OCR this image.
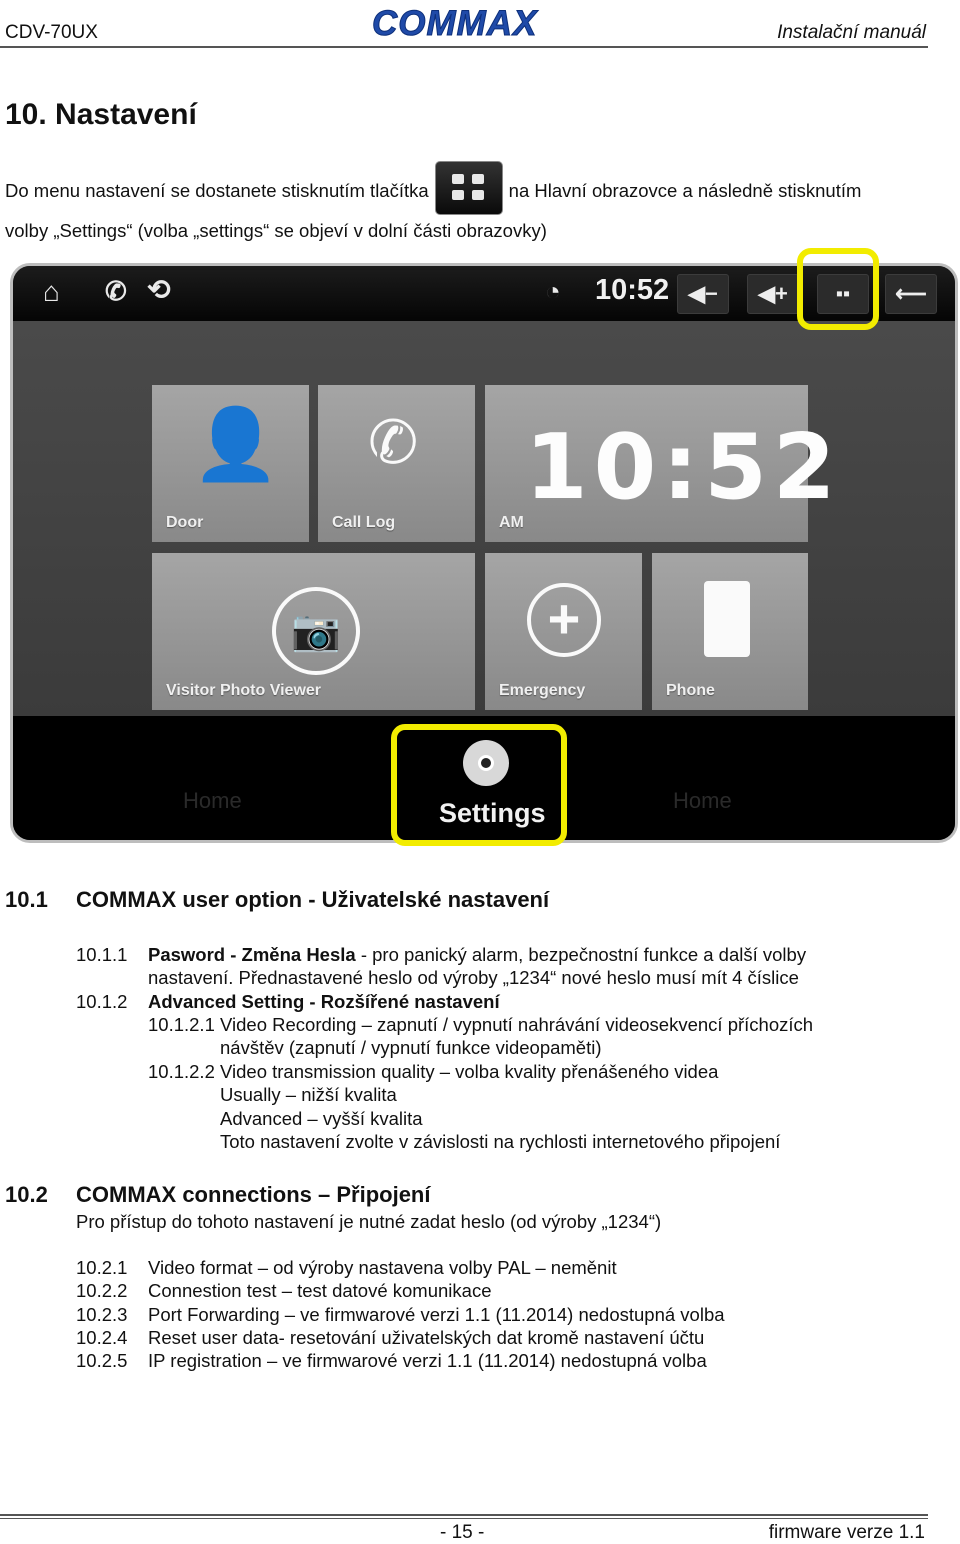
CDV-70UX	COMMAX	Instalační manuál
10. Nastavení
Do menu nastavení se dostanete stisknutím tlačítka	na Hlavní obrazovce a následně stisknutím volby „Settings“ (volba „settings“ se objeví v dolní části obrazovky)
⌂ ✆ ⟲	◔ 10:52 ◀−	◀+	▪▪	⟵
👤
Door
✆
Call Log
10:52
AM
📷
Visitor Photo Viewer
+
Emergency	Phone
Home	Home
Settings
10.1 COMMAX user option - Uživatelské nastavení
10.1.1 Pasword - Změna Hesla - pro panický alarm, bezpečnostní funkce a další volby
nastavení. Přednastavené heslo od výroby „1234“ nové heslo musí mít 4 číslice
10.1.2 Advanced Setting - Rozšířené nastavení
10.1.2.1 Video Recording – zapnutí / vypnutí nahrávání videosekvencí příchozích
návštěv (zapnutí / vypnutí funkce videopaměti)
10.1.2.2 Video transmission quality – volba kvality přenášeného videa
Usually – nižší kvalita
Advanced – vyšší kvalita
Toto nastavení zvolte v závislosti na rychlosti internetového připojení
10.2 COMMAX connections – Připojení
Pro přístup do tohoto nastavení je nutné zadat heslo (od výroby „1234“)
10.2.1 Video format – od výroby nastavena volby PAL – neměnit
10.2.2 Connestion test – test datové komunikace
10.2.3 Port Forwarding – ve firmwarové verzi 1.1 (11.2014) nedostupná volba
10.2.4 Reset user data- resetování uživatelských dat kromě nastavení účtu
10.2.5 IP registration – ve firmwarové verzi 1.1 (11.2014) nedostupná volba
- 15 -	firmware verze 1.1
